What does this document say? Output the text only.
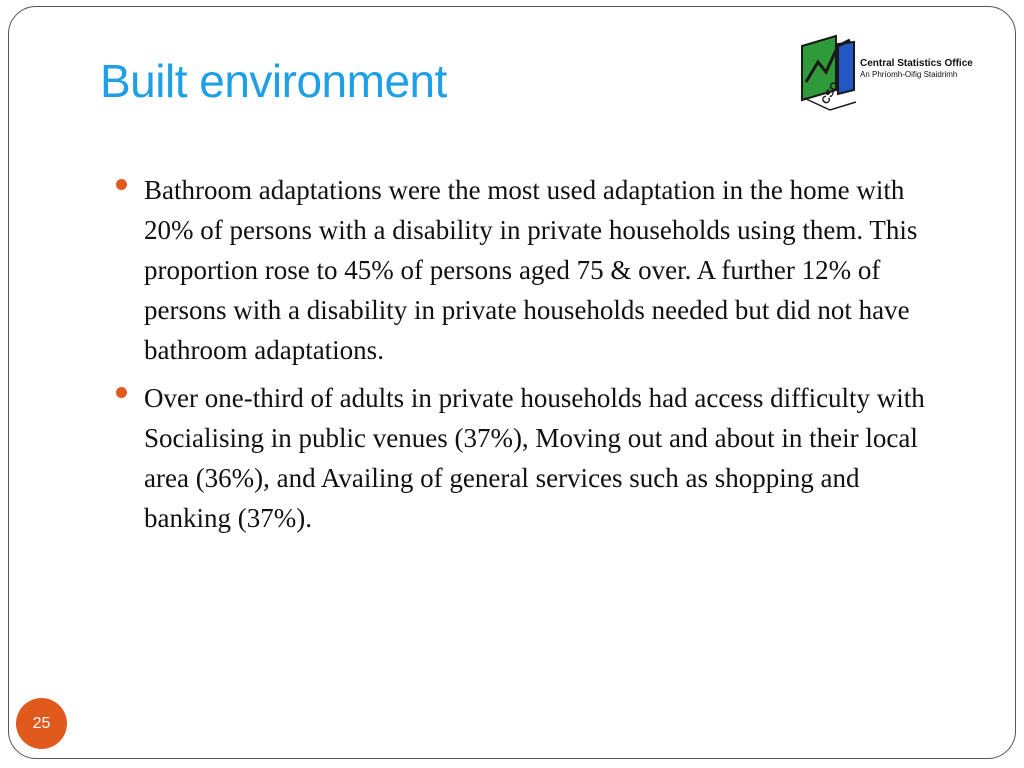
Built environment	CSO
Central Statistics Office
An Phríomh-Oifig Staidrimh
Bathroom adaptations were the most used adaptation in the home with 20% of persons with a disability in private households using them. This proportion rose to 45% of persons aged 75 & over. A further 12% of persons with a disability in private households needed but did not have bathroom adaptations.
Over one-third of adults in private households had access difficulty with Socialising in public venues (37%), Moving out and about in their local area (36%), and Availing of general services such as shopping and banking (37%).
25
